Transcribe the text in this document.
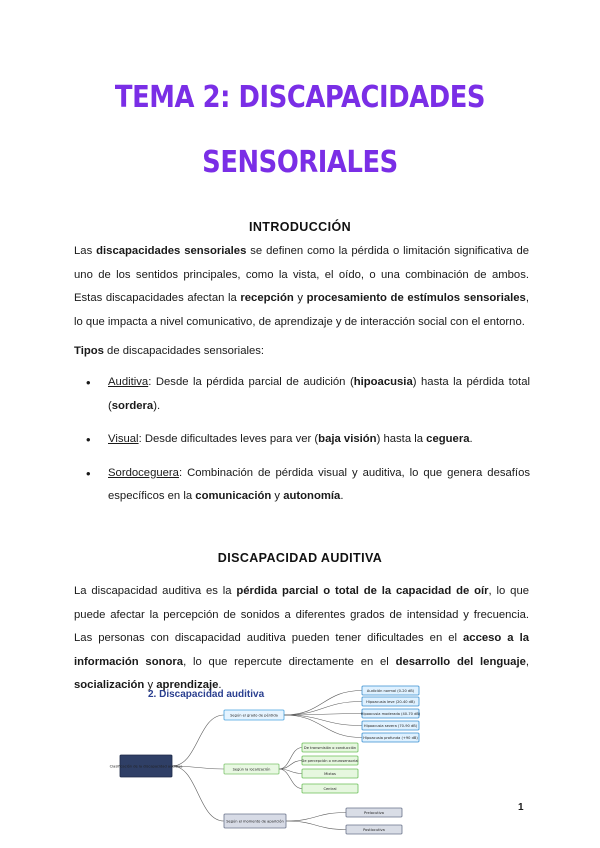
TEMA 2: DISCAPACIDADES
SENSORIALES
INTRODUCCIÓN
Las discapacidades sensoriales se definen como la pérdida o limitación significativa de uno de los sentidos principales, como la vista, el oído, o una combinación de ambos. Estas discapacidades afectan la recepción y procesamiento de estímulos sensoriales, lo que impacta a nivel comunicativo, de aprendizaje y de interacción social con el entorno.
Tipos de discapacidades sensoriales:
• Auditiva: Desde la pérdida parcial de audición (hipoacusia) hasta la pérdida total (sordera).
• Visual: Desde dificultades leves para ver (baja visión) hasta la ceguera.
• Sordoceguera: Combinación de pérdida visual y auditiva, lo que genera desafíos específicos en la comunicación y autonomía.
DISCAPACIDAD AUDITIVA
La discapacidad auditiva es la pérdida parcial o total de la capacidad de oír, lo que puede afectar la percepción de sonidos a diferentes grados de intensidad y frecuencia. Las personas con discapacidad auditiva pueden tener dificultades en el acceso a la información sonora, lo que repercute directamente en el desarrollo del lenguaje, socialización y aprendizaje.
2. Discapacidad auditiva
Clasificación de la discapacidad auditiva
Según el grado de pérdida
Audición normal (0-20 dB)
Hipoacusia leve (20-40 dB)
Hipoacusia moderada (40-70 dB)
Hipoacusia severa (70-90 dB)
Hipoacusia profunda (+90 dB)
Según la localización
De transmisión o conducción
De percepción o neurosensorial
Mixtas
Central
Según el momento de aparición
Prelocutiva
Postlocutiva
1
